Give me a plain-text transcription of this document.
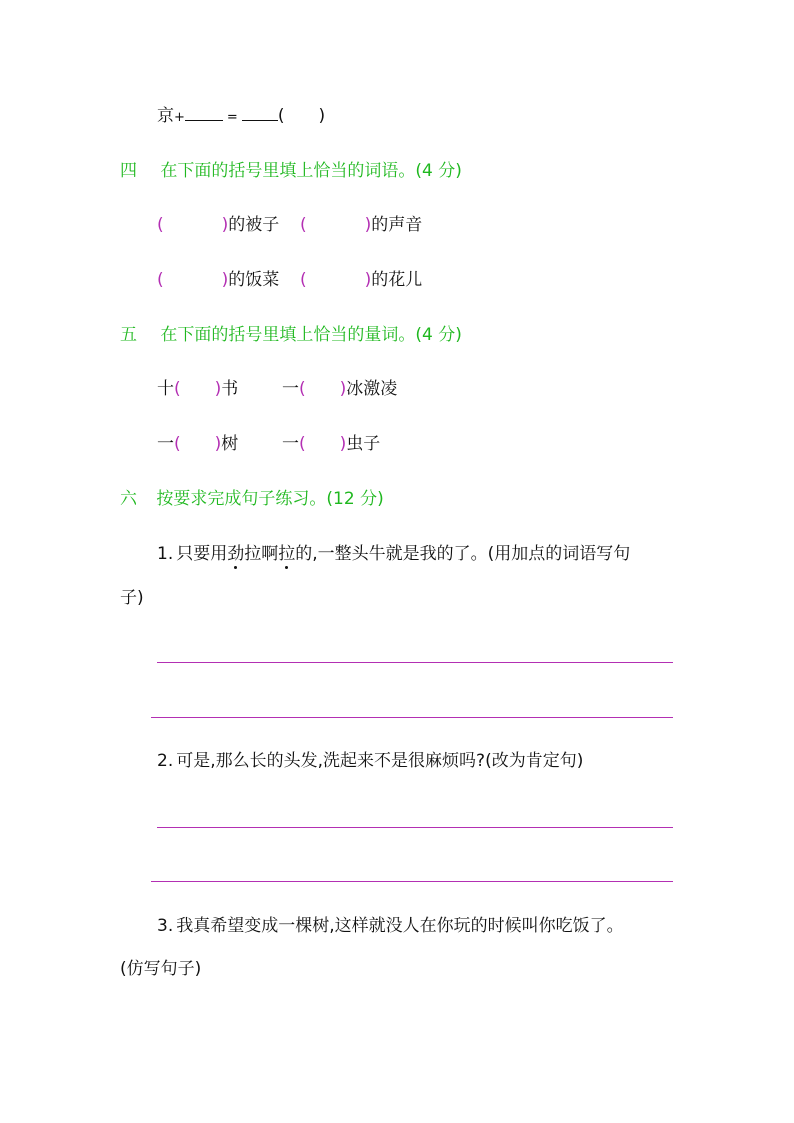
京+	= ( )
四 在下面的括号里填上恰当的词语。(4 分)
(	)的被子 (	)的声音
(	)的饭菜 (	)的花儿
五 在下面的括号里填上恰当的量词。(4 分)
十( )书	一( )冰激凌
一( )树	一( )虫子
六 按要求完成句子练习。(12 分)
1. 只要用劲拉啊拉的,一整头牛就是我的了。(用加点的词语写句
子)
2. 可是,那么长的头发,洗起来不是很麻烦吗?(改为肯定句)
3. 我真希望变成一棵树,这样就没人在你玩的时候叫你吃饭了。
(仿写句子)
